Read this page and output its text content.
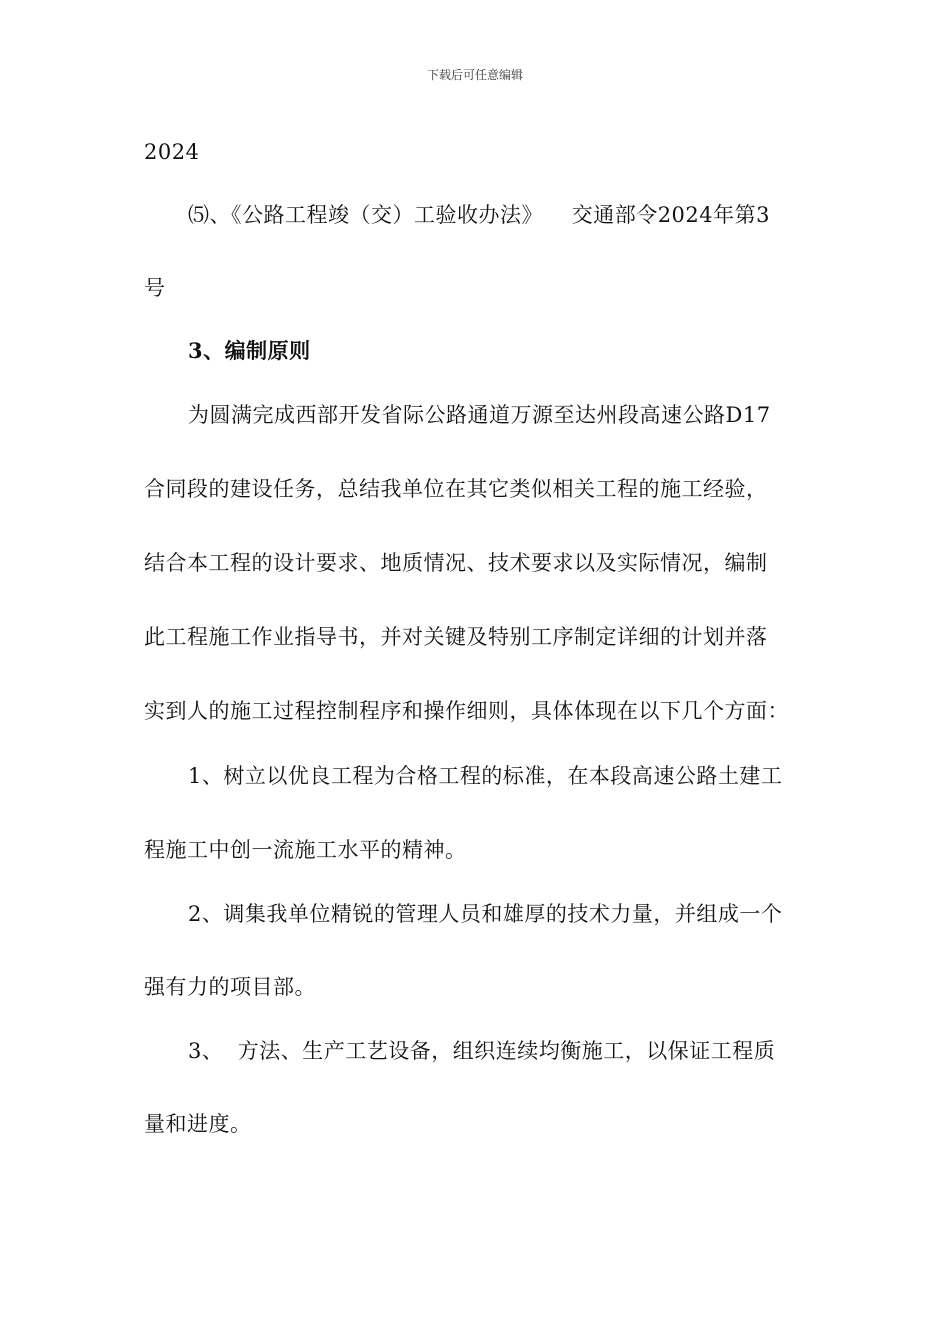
下载后可任意编辑
2024
⑸、《公路工程竣（交）工验收办法》    交通部令2024年第3
号
3、编制原则
为圆满完成西部开发省际公路通道万源至达州段高速公路D17
合同段的建设任务，总结我单位在其它类似相关工程的施工经验，
结合本工程的设计要求、地质情况、技术要求以及实际情况，编制
此工程施工作业指导书，并对关键及特别工序制定详细的计划并落
实到人的施工过程控制程序和操作细则，具体体现在以下几个方面：
1、树立以优良工程为合格工程的标准，在本段高速公路土建工
程施工中创一流施工水平的精神。
2、调集我单位精锐的管理人员和雄厚的技术力量，并组成一个
强有力的项目部。
3、  方法、生产工艺设备，组织连续均衡施工，以保证工程质
量和进度。
